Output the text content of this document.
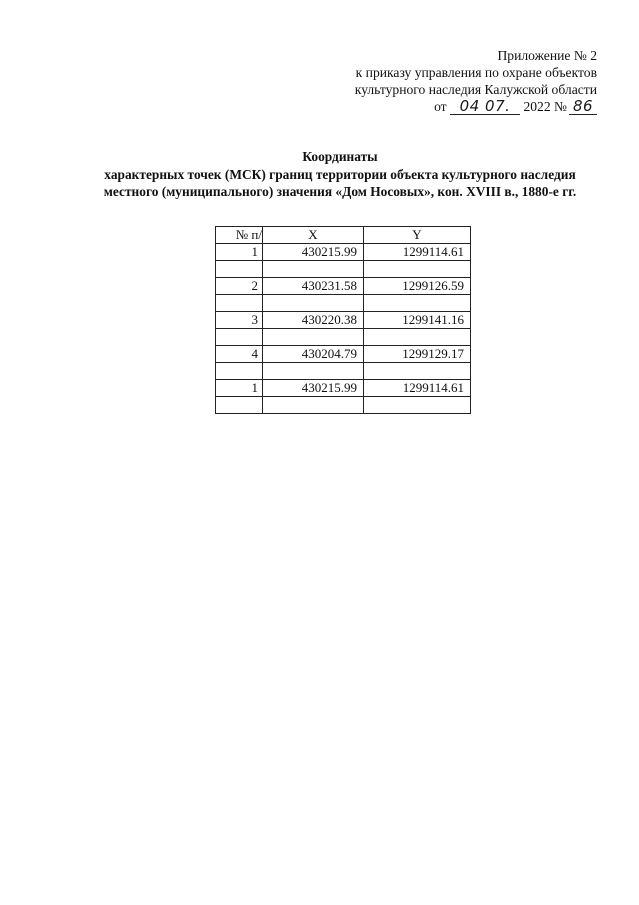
Приложение № 2
к приказу управления по охране объектов
культурного наследия Калужской области
от 04 07. 2022 № 86
Координаты
характерных точек (МСК) границ территории объекта культурного наследия
местного (муниципального) значения «Дом Носовых», кон. XVIII в., 1880-е гг.
№ п/	X	Y
1	430215.99	1299114.61

2	430231.58	1299126.59

3	430220.38	1299141.16

4	430204.79	1299129.17

1	430215.99	1299114.61
